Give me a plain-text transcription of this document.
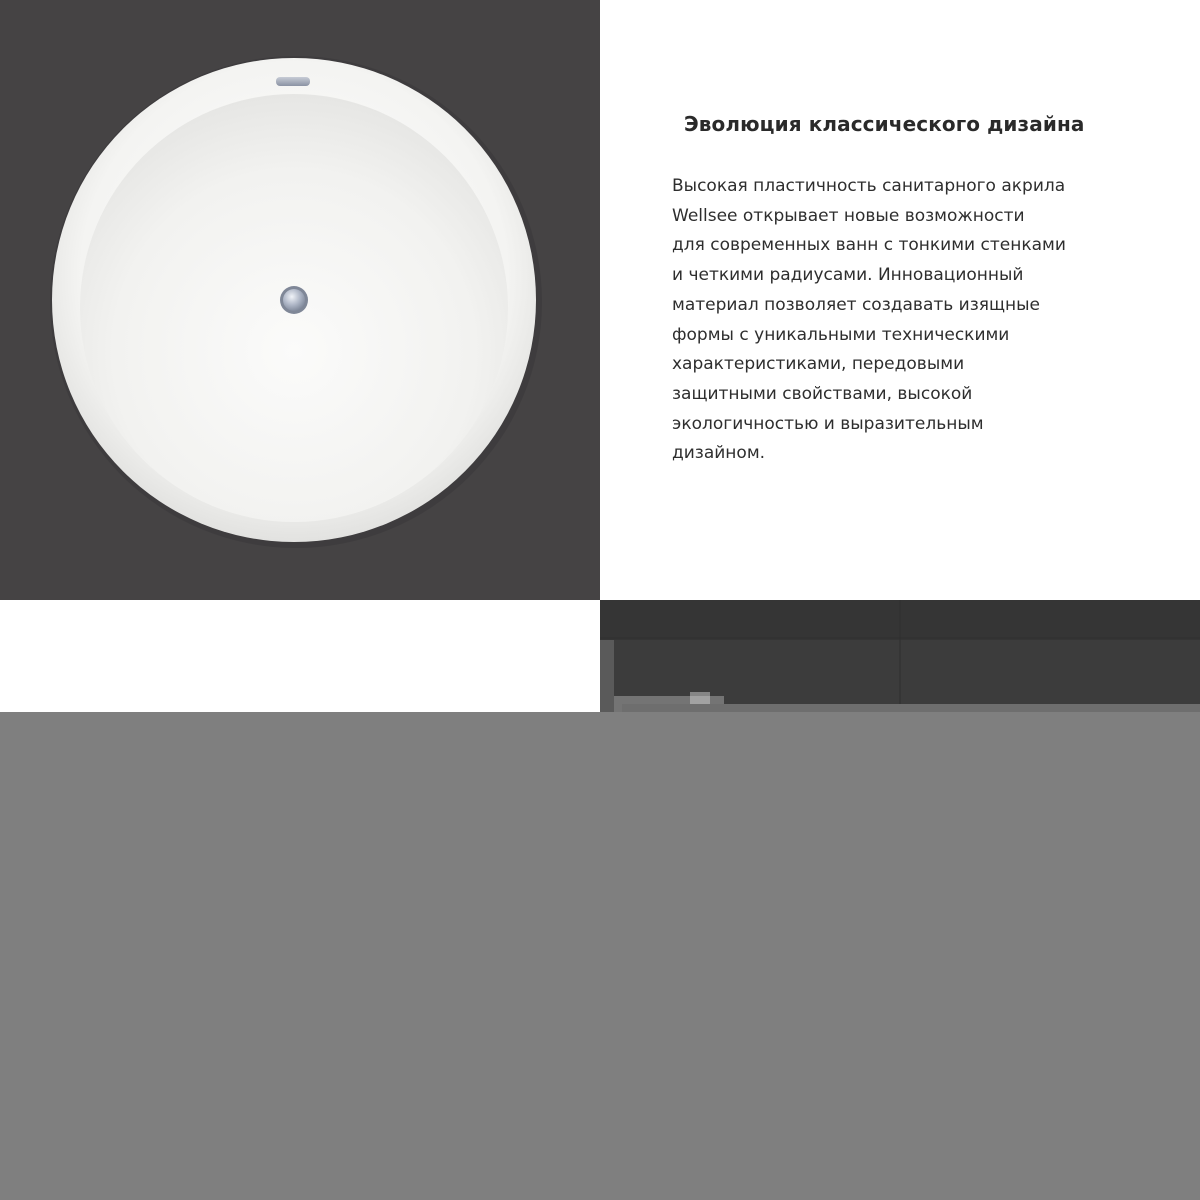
Эволюция классического дизайна

Высокая пластичность санитарного акрила
Wellsee открывает новые возможности
для современных ванн с тонкими стенками
и четкими радиусами. Инновационный
материал позволяет создавать изящные
формы с уникальными техническими
характеристиками, передовыми
защитными свойствами, высокой
экологичностью и выразительным
дизайном.
